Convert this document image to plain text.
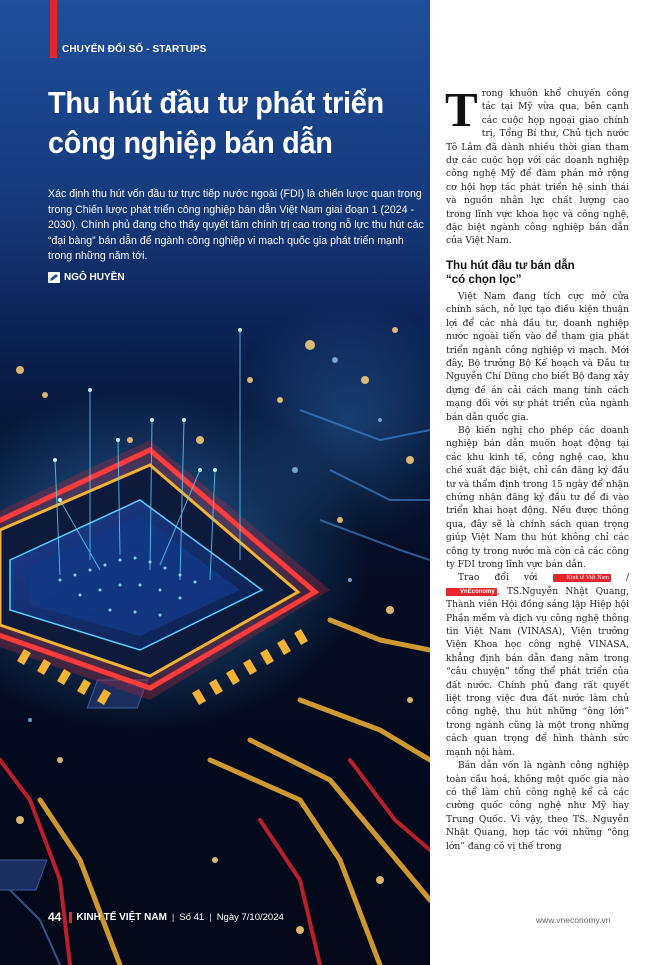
CHUYỂN ĐỔI SỐ - STARTUPS
Thu hút đầu tư phát triển công nghiệp bán dẫn

Xác định thu hút vốn đầu tư trực tiếp nước ngoài (FDI) là chiến lược quan trọng trong Chiến lược phát triển công nghiệp bán dẫn Việt Nam giai đoạn 1 (2024 - 2030). Chính phủ đang cho thấy quyết tâm chính trị cao trong nỗ lực thu hút các “đại bàng” bán dẫn để ngành công nghiệp vi mạch quốc gia phát triển mạnh trong những năm tới.

NGÔ HUYỀN
44 KINH TẾ VIỆT NAM | Số 41 | Ngày 7/10/2024
T rong khuôn khổ chuyến công tác tại Mỹ vừa qua, bên cạnh các cuộc họp ngoại giao chính trị, Tổng Bí thư, Chủ tịch nước Tô Lâm đã dành nhiều thời gian tham dự các cuộc họp với các doanh nghiệp công nghệ Mỹ để đàm phán mở rộng cơ hội hợp tác phát triển hệ sinh thái và nguồn nhân lực chất lượng cao trong lĩnh vực khoa học và công nghệ, đặc biệt ngành công nghiệp bán dẫn của Việt Nam.

Thu hút đầu tư bán dẫn
“có chọn lọc”

Việt Nam đang tích cực mở cửa chính sách, nỗ lực tạo điều kiện thuận lợi để các nhà đầu tư, doanh nghiệp nước ngoài tiến vào để tham gia phát triển ngành công nghiệp vi mạch. Mới đây, Bộ trưởng Bộ Kế hoạch và Đầu tư Nguyễn Chí Dũng cho biết Bộ đang xây dựng đề án cải cách mang tính cách mạng đối với sự phát triển của ngành bán dẫn quốc gia.

Bộ kiến nghị cho phép các doanh nghiệp bán dẫn muốn hoạt động tại các khu kinh tế, công nghệ cao, khu chế xuất đặc biệt, chỉ cần đăng ký đầu tư và thẩm định trong 15 ngày để nhận chứng nhận đăng ký đầu tư để đi vào triển khai hoạt động. Nếu được thông qua, đây sẽ là chính sách quan trọng giúp Việt Nam thu hút không chỉ các công ty trong nước mà còn cả các công ty FDI trong lĩnh vực bán dẫn.

Trao đổi với	Kinh tế Việt Nam / VnEconomy , TS.Nguyễn Nhật Quang, Thành viên Hội đồng sáng lập Hiệp hội Phần mềm và dịch vụ công nghệ thông tin Việt Nam (VINASA), Viện trưởng Viện Khoa học công nghệ VINASA, khẳng định bán dẫn đang nằm trong “câu chuyện” tổng thể phát triển của đất nước. Chính phủ đang rất quyết liệt trong việc đưa đất nước làm chủ công nghệ, thu hút những “ông lớn” trong ngành cũng là một trong những cách quan trọng để hình thành sức mạnh nội hàm.

Bán dẫn vốn là ngành công nghiệp toàn cầu hoá, không một quốc gia nào có thể làm chủ công nghệ kể cả các cường quốc công nghệ như Mỹ hay Trung Quốc. Vì vậy, theo TS. Nguyễn Nhật Quang, hợp tác với những “ông lớn” đang có vị thế trong

www.vneconomy.vn
